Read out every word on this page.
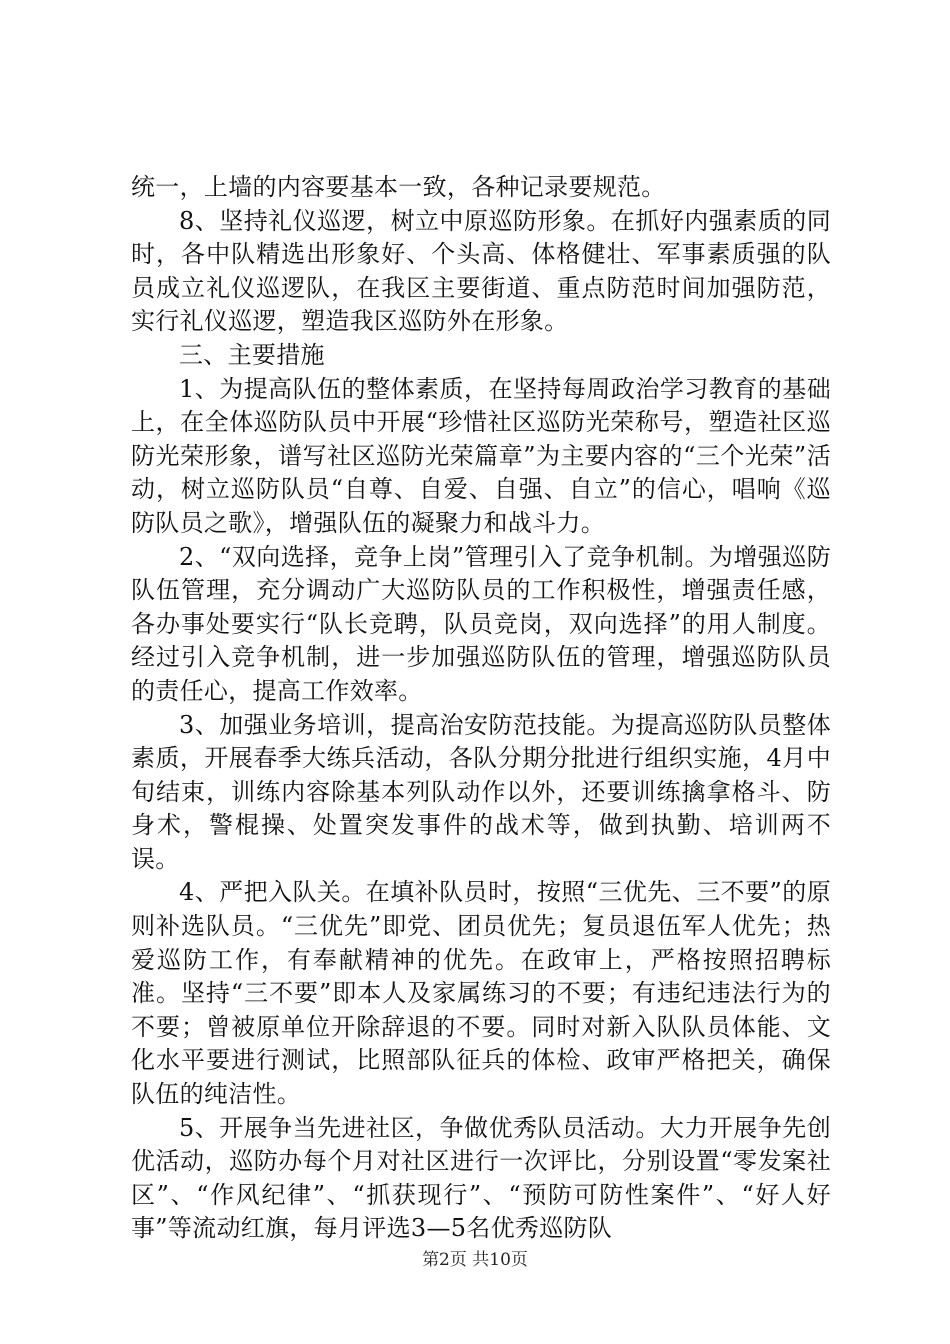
统一，上墙的内容要基本一致，各种记录要规范。

8、坚持礼仪巡逻，树立中原巡防形象。在抓好内强素质的同时，各中队精选出形象好、个头高、体格健壮、军事素质强的队员成立礼仪巡逻队，在我区主要街道、重点防范时间加强防范，实行礼仪巡逻，塑造我区巡防外在形象。

三、主要措施

1、为提高队伍的整体素质，在坚持每周政治学习教育的基础上，在全体巡防队员中开展“珍惜社区巡防光荣称号，塑造社区巡防光荣形象，谱写社区巡防光荣篇章”为主要内容的“三个光荣”活动，树立巡防队员“自尊、自爱、自强、自立”的信心，唱响《巡防队员之歌》，增强队伍的凝聚力和战斗力。

2、“双向选择，竞争上岗”管理引入了竞争机制。为增强巡防队伍管理，充分调动广大巡防队员的工作积极性，增强责任感，各办事处要实行“队长竞聘，队员竞岗，双向选择”的用人制度。经过引入竞争机制，进一步加强巡防队伍的管理，增强巡防队员的责任心，提高工作效率。

3、加强业务培训，提高治安防范技能。为提高巡防队员整体素质，开展春季大练兵活动，各队分期分批进行组织实施，4月中旬结束，训练内容除基本列队动作以外，还要训练擒拿格斗、防身术，警棍操、处置突发事件的战术等，做到执勤、培训两不误。

4、严把入队关。在填补队员时，按照“三优先、三不要”的原则补选队员。“三优先”即党、团员优先；复员退伍军人优先；热爱巡防工作，有奉献精神的优先。在政审上，严格按照招聘标准。坚持“三不要”即本人及家属练习的不要；有违纪违法行为的不要；曾被原单位开除辞退的不要。同时对新入队队员体能、文化水平要进行测试，比照部队征兵的体检、政审严格把关，确保队伍的纯洁性。

5、开展争当先进社区，争做优秀队员活动。大力开展争先创优活动，巡防办每个月对社区进行一次评比，分别设置“零发案社区”、“作风纪律”、“抓获现行”、“预防可防性案件”、“好人好事”等流动红旗，每月评选3—5名优秀巡防队

第2页 共10页
